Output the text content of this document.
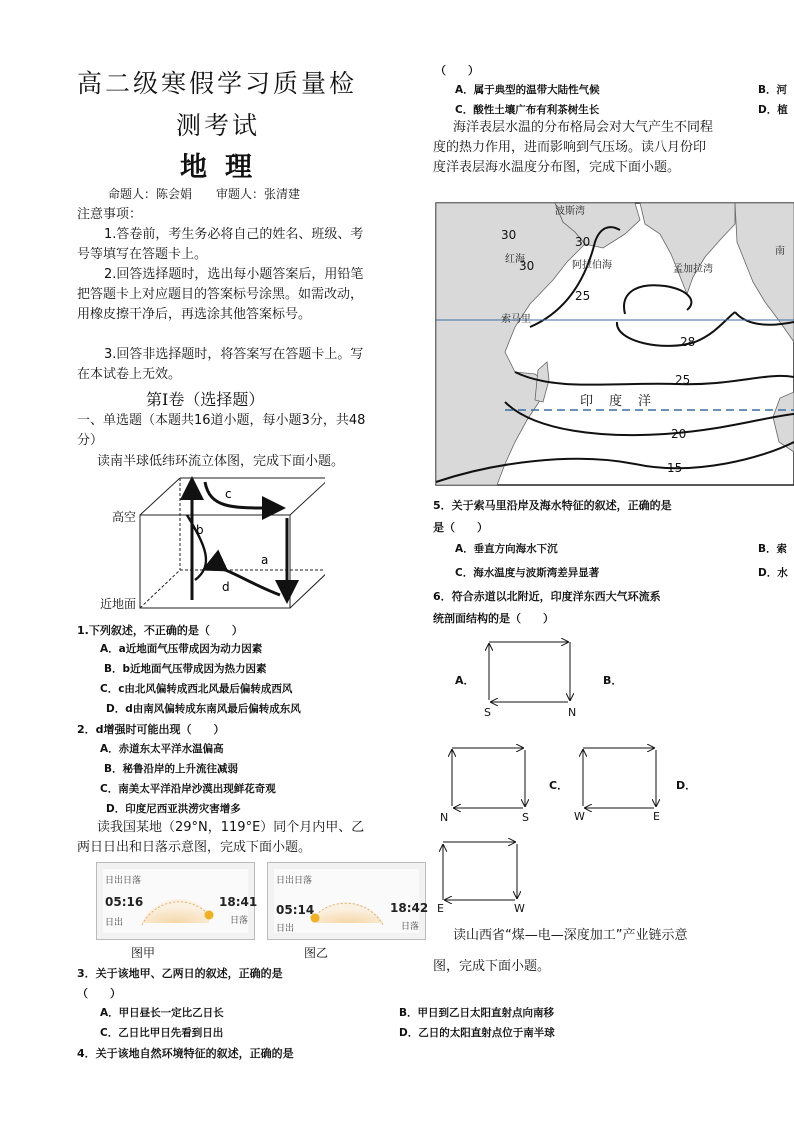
高二级寒假学习质量检
测考试
地理
命题人：陈会娟　　审题人：张清建
注意事项：
1.答卷前，考生务必将自己的姓名、班级、考号等填写在答题卡上。
2.回答选择题时，选出每小题答案后，用铅笔把答题卡上对应题目的答案标号涂黑。如需改动，用橡皮擦干净后，再选涂其他答案标号。
3.回答非选择题时，将答案写在答题卡上。写在本试卷上无效。
第Ⅰ卷（选择题）
一、单选题（本题共16道小题，每小题3分，共48分）
读南半球低纬环流立体图，完成下面小题。
c
b
a
d
高空
近地面
1.下列叙述，不正确的是（　　）
A．a近地面气压带成因为动力因素
B．b近地面气压带成因为热力因素
C．c由北风偏转成西北风最后偏转成西风
D．d由南风偏转成东南风最后偏转成东风
2．d增强时可能出现（　　）
A．赤道东太平洋水温偏高
B．秘鲁沿岸的上升流往减弱
C．南美太平洋沿岸沙漠出现鲜花奇观
D．印度尼西亚洪涝灾害增多
读我国某地（29°N，119°E）同个月内甲、乙两日日出和日落示意图，完成下面小题。
日出日落
05:16
日出
18:41
日落
图甲
日出日落
05:14
日出
18:42
日落
图乙
3．关于该地甲、乙两日的叙述，正确的是
（　　）
A．甲日昼长一定比乙日长	B．甲日到乙日太阳直射点向南移
C．乙日比甲日先看到日出	D．乙日的太阳直射点位于南半球
4．关于该地自然环境特征的叙述，正确的是
（　　）
A．属于典型的温带大陆性气候	B．河
C．酸性土壤广布有利茶树生长	D．植
海洋表层水温的分布格局会对大气产生不同程度的热力作用，进而影响到气压场。读八月份印度洋表层海水温度分布图，完成下面小题。
30
30
30
25
28
25
20
15
波斯湾
阿拉伯海	孟加拉湾
红海
索马里
南
印度洋
5．关于索马里沿岸及海水特征的叙述，正确的是
是（　　）
A．垂直方向海水下沉	B．索
C．海水温度与波斯湾差异显著	D．水
6．符合赤道以北附近，印度洋东西大气环流系
统剖面结构的是（　　）
A．	B．
C．	D．
S	N
N	S	W	E
E	W
读山西省“煤—电—深度加工”产业链示意
图，完成下面小题。
